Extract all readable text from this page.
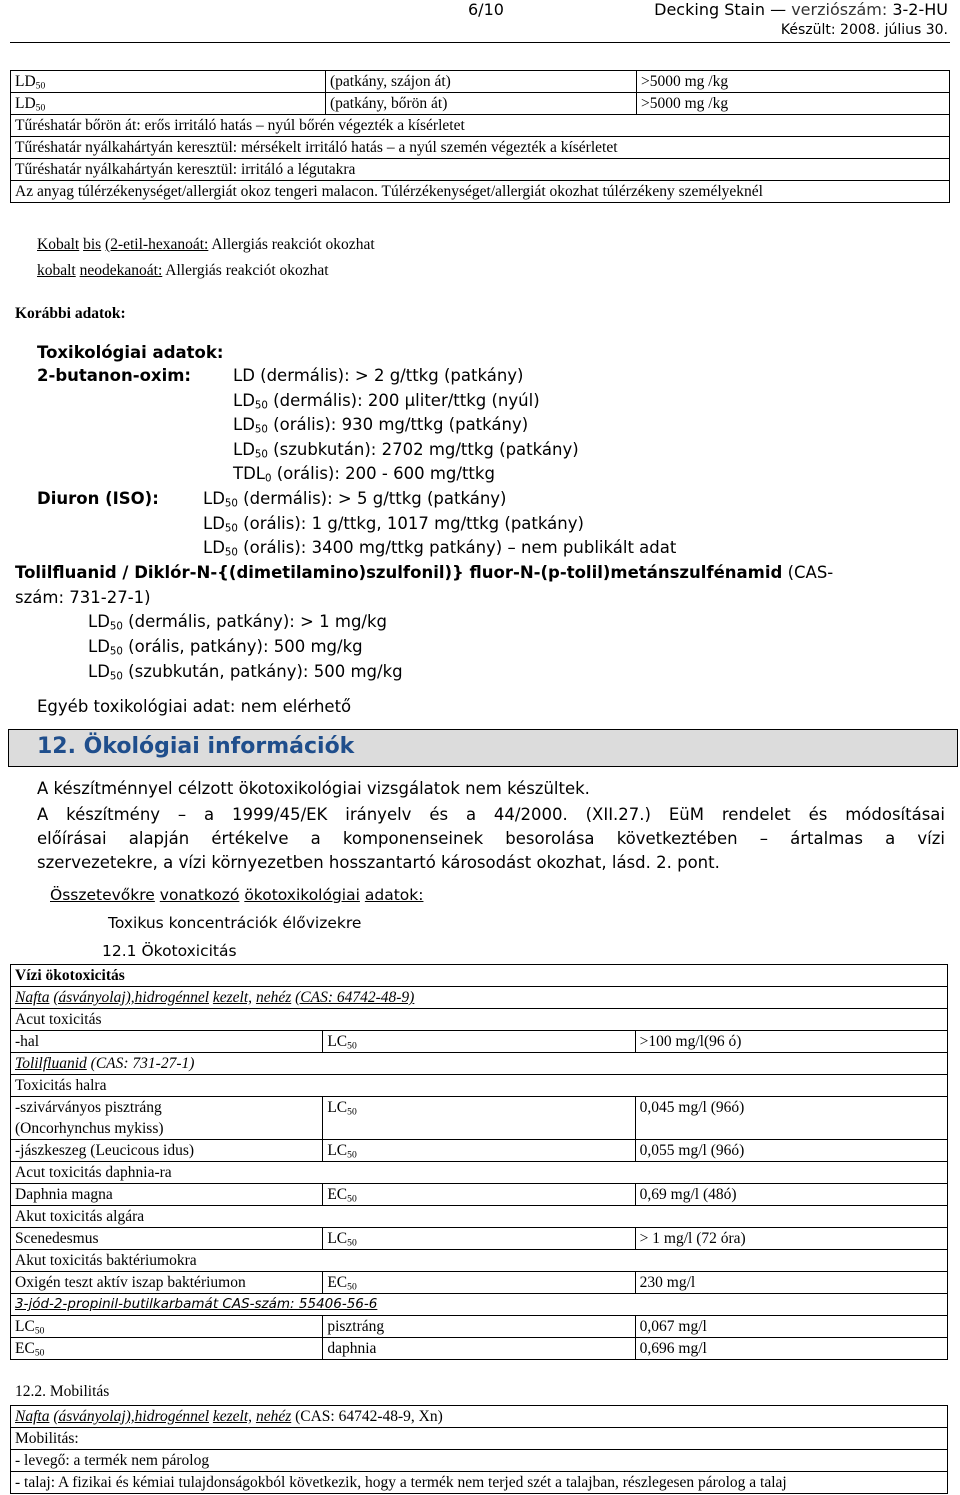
6/10	Decking Stain — verziószám: 3-2-HU
Készült: 2008. július 30.
$LD_{50}$	(patkány, szájon át)	>5000 mg /kg
$LD_{50}$	(patkány, bőrön át)	>5000 mg /kg
Tűréshatár bőrön át: erős irritáló hatás – nyúl bőrén végezték a kísérletet		
Tűréshatár nyálkahártyán keresztül: mérsékelt irritáló hatás – a nyúl szemén végezték a kísérletet		
Tűréshatár nyálkahártyán keresztül: irritáló a légutakra		
Az anyag túlérzékenységet/allergiát okoz tengeri malacon. Túlérzékenységet/allergiát okozhat túlérzékeny személyeknél		
Kobalt bis (2-etil-hexanoát: Allergiás reakciót okozhat
kobalt neodekanoát: Allergiás reakciót okozhat
Korábbi adatok:
Toxikológiai adatok:
2-butanon-oxim:	LD (dermális): > 2 g/ttkg (patkány)
$LD_{50}$ (dermális): 200 µliter/ttkg (nyúl)
$LD_{50}$ (orális): 930 mg/ttkg (patkány)
$LD_{50}$ (szubkután): 2702 mg/ttkg (patkány)
$TDL_0$ (orális): 200 - 600 mg/ttkg
Diuron (ISO):	$LD_{50}$ (dermális): > 5 g/ttkg (patkány)
$LD_{50}$ (orális): 1 g/ttkg, 1017 mg/ttkg (patkány)
$LD_{50}$ (orális): 3400 mg/ttkg patkány) – nem publikált adat
Tolilfluanid / Diklór-N-{(dimetilamino)szulfonil)} fluor-N-(p-tolil)metánszulfénamid (CAS-
szám: 731-27-1)
$LD_{50}$ (dermális, patkány): > 1 mg/kg
$LD_{50}$ (orális, patkány): 500 mg/kg
$LD_{50}$ (szubkután, patkány): 500 mg/kg
Egyéb toxikológiai adat: nem elérhető
12. Ökológiai információk
A készítménnyel célzott ökotoxikológiai vizsgálatok nem készültek.
A készítmény – a 1999/45/EK irányelv és a 44/2000. (XII.27.) EüM rendelet és módosításai
előírásai alapján értékelve a komponenseinek besorolása következtében – ártalmas a vízi
szervezetekre, a vízi környezetben hosszantartó károsodást okozhat, lásd. 2. pont.
Összetevőkre vonatkozó ökotoxikológiai adatok:
Toxikus koncentrációk élővizekre
12.1 Ökotoxicitás
Vízi ökotoxicitás		
Nafta (ásványolaj),hidrogénnel kezelt, nehéz (CAS: 64742-48-9)		
Acut toxicitás		
-hal	$LC_{50}$	>100 mg/l(96 ó)
Tolilfluanid (CAS: 731-27-1)		
Toxicitás halra		

-szivárványos pisztráng
(Oncorhynchus mykiss)	$LC_{50}$	0,045 mg/l (96ó)
-jászkeszeg (Leucicous idus)	$LC_{50}$	0,055 mg/l (96ó)
Acut toxicitás daphnia-ra		
Daphnia magna	$EC_{50}$	0,69 mg/l (48ó)
Akut toxicitás algára		
Scenedesmus	$LC_{50}$	> 1 mg/l (72 óra)
Akut toxicitás baktériumokra		
Oxigén teszt aktív iszap baktériumon	$EC_{50}$	230 mg/l
3-jód-2-propinil-butilkarbamát CAS-szám: 55406-56-6		
$LC_{50}$	pisztráng	0,067 mg/l
$EC_{50}$	daphnia	0,696 mg/l
12.2. Mobilitás
Nafta (ásványolaj),hidrogénnel kezelt, nehéz (CAS: 64742-48-9, Xn)
Mobilitás:
- levegő: a termék nem párolog
- talaj: A fizikai és kémiai tulajdonságokból következik, hogy a termék nem terjed szét a talajban, részlegesen párolog a talaj
